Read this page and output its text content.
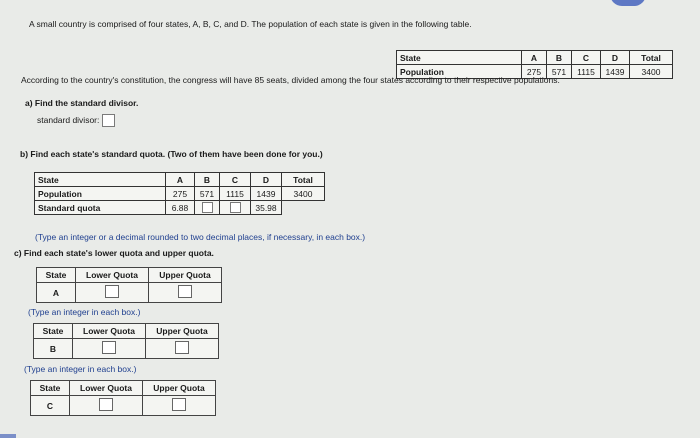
A small country is comprised of four states, A, B, C, and D. The population of each state is given in the following table.
State	A	B	C	D	Total
Population	275	571	1115	1439	3400
According to the country's constitution, the congress will have 85 seats, divided among the four states according to their respective populations.
a) Find the standard divisor.
standard divisor:
b) Find each state's standard quota. (Two of them have been done for you.)
State	A	B	C	D	Total
Population	275	571	1115	1439	3400
Standard quota	6.88			35.98	
(Type an integer or a decimal rounded to two decimal places, if necessary, in each box.)
c) Find each state's lower quota and upper quota.
State	Lower Quota	Upper Quota
A		
(Type an integer in each box.)
State	Lower Quota	Upper Quota
B		
(Type an integer in each box.)
State	Lower Quota	Upper Quota
C		
